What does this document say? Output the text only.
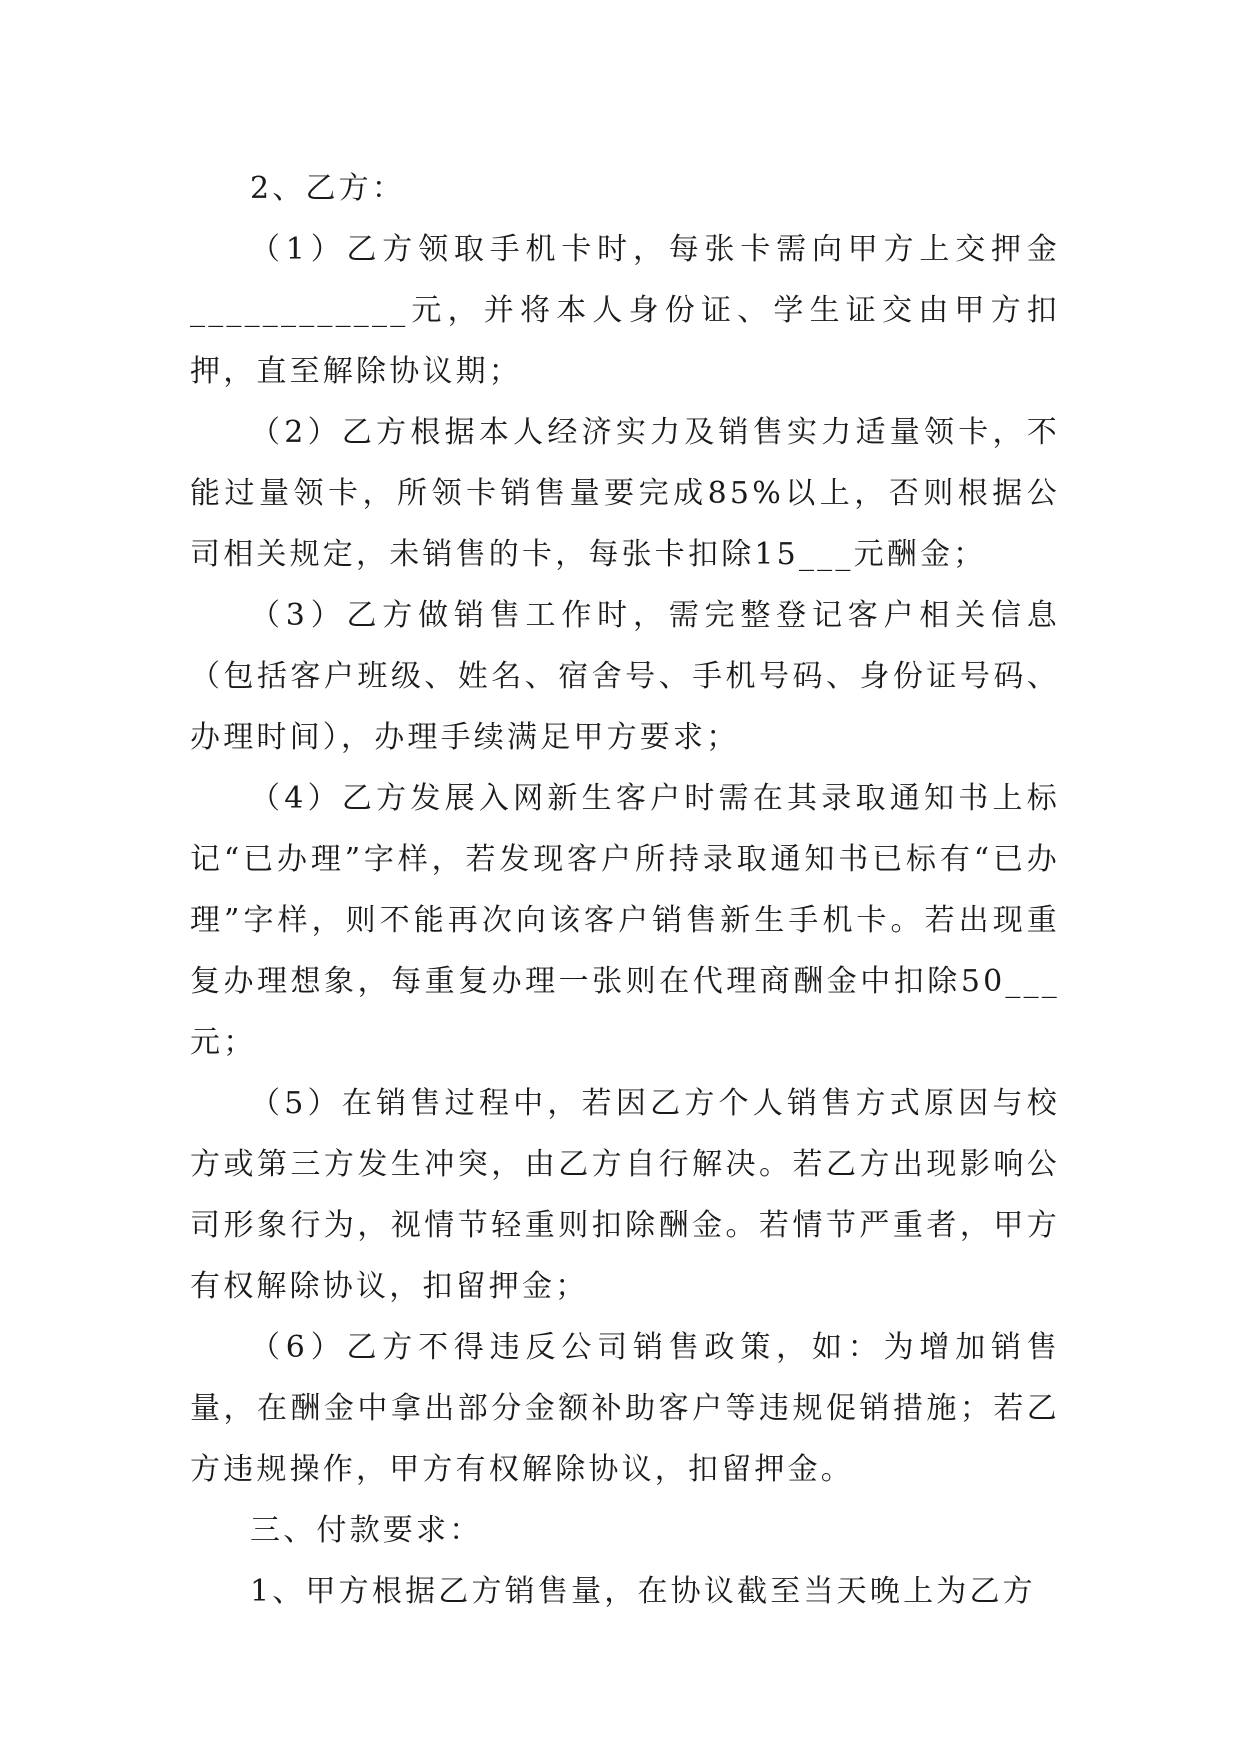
2、乙方：

（1）乙方领取手机卡时，每张卡需向甲方上交押金____________元，并将本人身份证、学生证交由甲方扣押，直至解除协议期；

（2）乙方根据本人经济实力及销售实力适量领卡，不能过量领卡，所领卡销售量要完成85%以上，否则根据公司相关规定，未销售的卡，每张卡扣除15___元酬金；

（3）乙方做销售工作时，需完整登记客户相关信息（包括客户班级、姓名、宿舍号、手机号码、身份证号码、办理时间），办理手续满足甲方要求；

（4）乙方发展入网新生客户时需在其录取通知书上标记“已办理”字样，若发现客户所持录取通知书已标有“已办理”字样，则不能再次向该客户销售新生手机卡。若出现重复办理想象，每重复办理一张则在代理商酬金中扣除50___元；

（5）在销售过程中，若因乙方个人销售方式原因与校方或第三方发生冲突，由乙方自行解决。若乙方出现影响公司形象行为，视情节轻重则扣除酬金。若情节严重者，甲方有权解除协议，扣留押金；

（6）乙方不得违反公司销售政策，如：为增加销售量，在酬金中拿出部分金额补助客户等违规促销措施；若乙方违规操作，甲方有权解除协议，扣留押金。

三、付款要求：

1、甲方根据乙方销售量，在协议截至当天晚上为乙方
